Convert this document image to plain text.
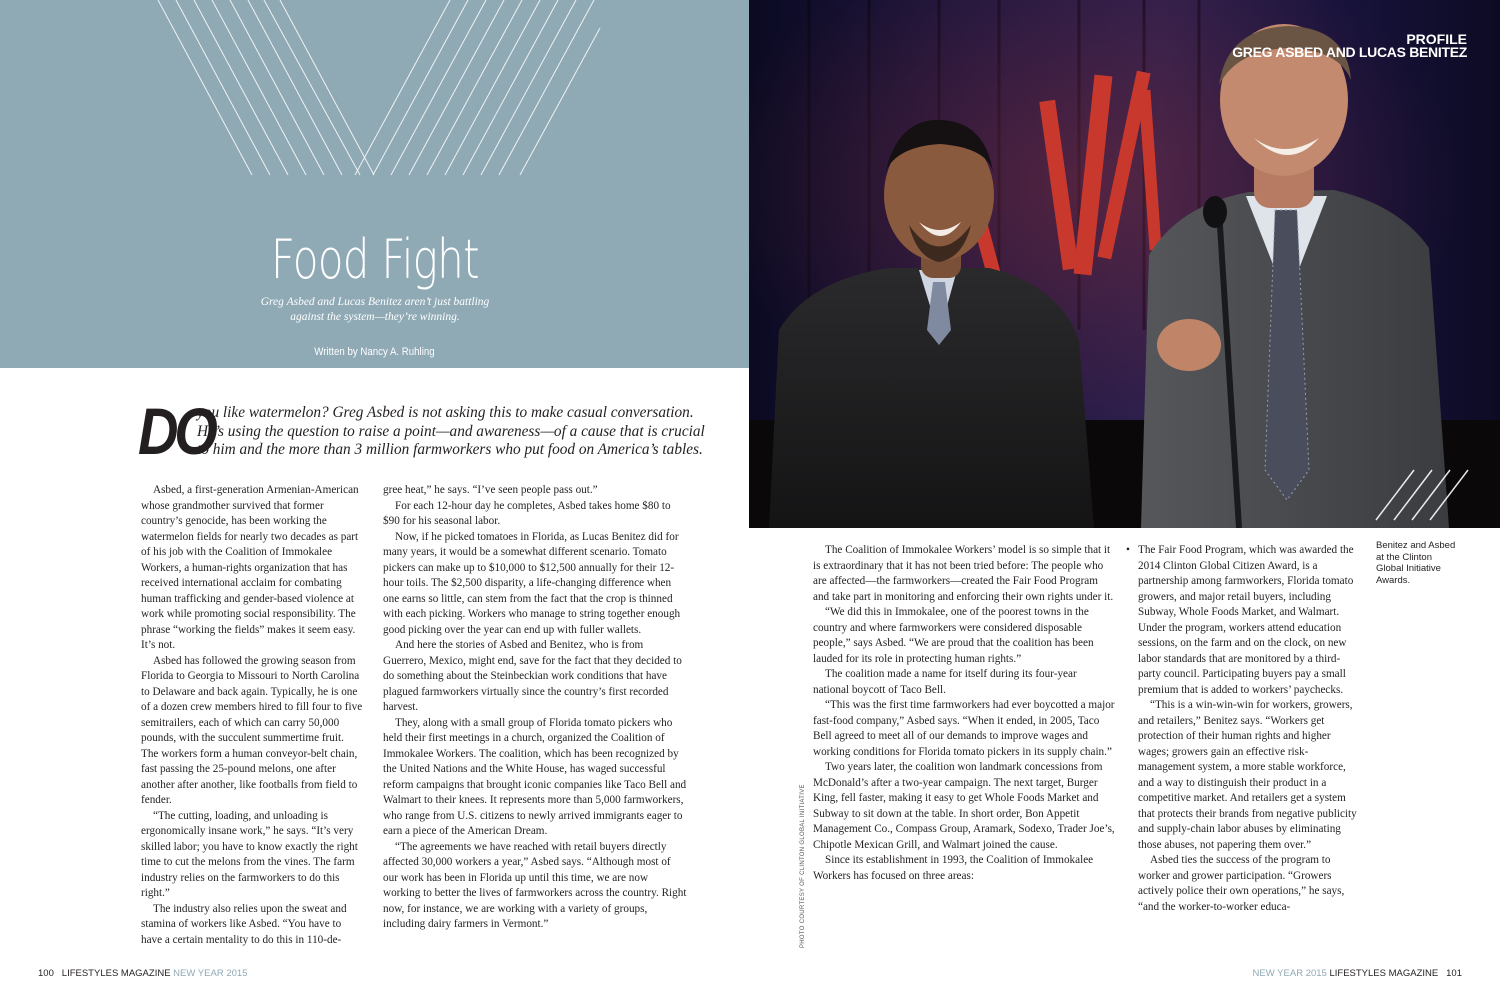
Food Fight
Greg Asbed and Lucas Benitez aren’t just battling
against the system—they’re winning.
Written by Nancy A. Ruhling
DO
you like watermelon? Greg Asbed is not asking this to make casual conversation. He’s using the question to raise a point—and awareness—of a cause that is crucial to him and the more than 3 million farmworkers who put food on America’s tables.

Asbed, a first-generation Armenian-American whose grandmother survived that former country’s genocide, has been working the watermelon fields for nearly two decades as part of his job with the Coalition of Immokalee Workers, a human-rights organization that has received international acclaim for combating human trafficking and gender-based violence at work while promoting social responsibility. The phrase “working the fields” makes it seem easy. It’s not.

Asbed has followed the growing season from Florida to Georgia to Missouri to North Carolina to Delaware and back again. Typically, he is one of a dozen crew members hired to fill four to five semitrailers, each of which can carry 50,000 pounds, with the succulent summertime fruit. The workers form a human conveyor-belt chain, fast passing the 25-pound melons, one after another after another, like footballs from field to fender.

“The cutting, loading, and unloading is ergonomically insane work,” he says. “It’s very skilled labor; you have to know exactly the right time to cut the melons from the vines. The farm industry relies on the farmworkers to do this right.”

The industry also relies upon the sweat and stamina of workers like Asbed. “You have to have a certain mentality to do this in 110-de-

gree heat,” he says. “I’ve seen people pass out.”

For each 12-hour day he completes, Asbed takes home $80 to $90 for his seasonal labor.

Now, if he picked tomatoes in Florida, as Lucas Benitez did for many years, it would be a somewhat different scenario. Tomato pickers can make up to $10,000 to $12,500 annually for their 12-hour toils. The $2,500 disparity, a life-changing difference when one earns so little, can stem from the fact that the crop is thinned with each picking. Workers who manage to string together enough good picking over the year can end up with fuller wallets.

And here the stories of Asbed and Benitez, who is from Guerrero, Mexico, might end, save for the fact that they decided to do something about the Steinbeckian work conditions that have plagued farmworkers virtually since the country’s first recorded harvest.

They, along with a small group of Florida tomato pickers who held their first meetings in a church, organized the Coalition of Immokalee Workers. The coalition, which has been recognized by the United Nations and the White House, has waged successful reform campaigns that brought iconic companies like Taco Bell and Walmart to their knees. It represents more than 5,000 farmworkers, who range from U.S. citizens to newly arrived immigrants eager to earn a piece of the American Dream.

“The agreements we have reached with retail buyers directly affected 30,000 workers a year,” Asbed says. “Although most of our work has been in Florida up until this time, we are now working to better the lives of farmworkers across the country. Right now, for instance, we are working with a variety of groups, including dairy farmers in Vermont.”

PROFILE
GREG ASBED AND LUCAS BENITEZ
Benitez and Asbed at the Clinton Global Initiative Awards.
PHOTO COURTESY OF CLINTON GLOBAL INITIATIVE

The Coalition of Immokalee Workers’ model is so simple that it is extraordinary that it has not been tried before: The people who are affected—the farmworkers—created the Fair Food Program and take part in monitoring and enforcing their own rights under it.

“We did this in Immokalee, one of the poorest towns in the country and where farmworkers were considered disposable people,” says Asbed. “We are proud that the coalition has been lauded for its role in protecting human rights.”

The coalition made a name for itself during its four-year national boycott of Taco Bell.

“This was the first time farmworkers had ever boycotted a major fast-food company,” Asbed says. “When it ended, in 2005, Taco Bell agreed to meet all of our demands to improve wages and working conditions for Florida tomato pickers in its supply chain.”

Two years later, the coalition won landmark concessions from McDonald’s after a two-year campaign. The next target, Burger King, fell faster, making it easy to get Whole Foods Market and Subway to sit down at the table. In short order, Bon Appetit Management Co., Compass Group, Aramark, Sodexo, Trader Joe’s, Chipotle Mexican Grill, and Walmart joined the cause.

Since its establishment in 1993, the Coalition of Immokalee Workers has focused on three areas:

• The Fair Food Program, which was awarded the 2014 Clinton Global Citizen Award, is a partnership among farmworkers, Florida tomato growers, and major retail buyers, including Subway, Whole Foods Market, and Walmart. Under the program, workers attend education sessions, on the farm and on the clock, on new labor standards that are monitored by a third-party council. Participating buyers pay a small premium that is added to workers’ paychecks.

“This is a win-win-win for workers, growers, and retailers,” Benitez says. “Workers get protection of their human rights and higher wages; growers gain an effective risk-management system, a more stable workforce, and a way to distinguish their product in a competitive market. And retailers get a system that protects their brands from negative publicity and supply-chain labor abuses by eliminating those abuses, not papering them over.”

Asbed ties the success of the program to worker and grower participation. “Growers actively police their own operations,” he says, “and the worker-to-worker educa-

100 LIFESTYLES MAGAZINE NEW YEAR 2015	NEW YEAR 2015 LIFESTYLES MAGAZINE 101
